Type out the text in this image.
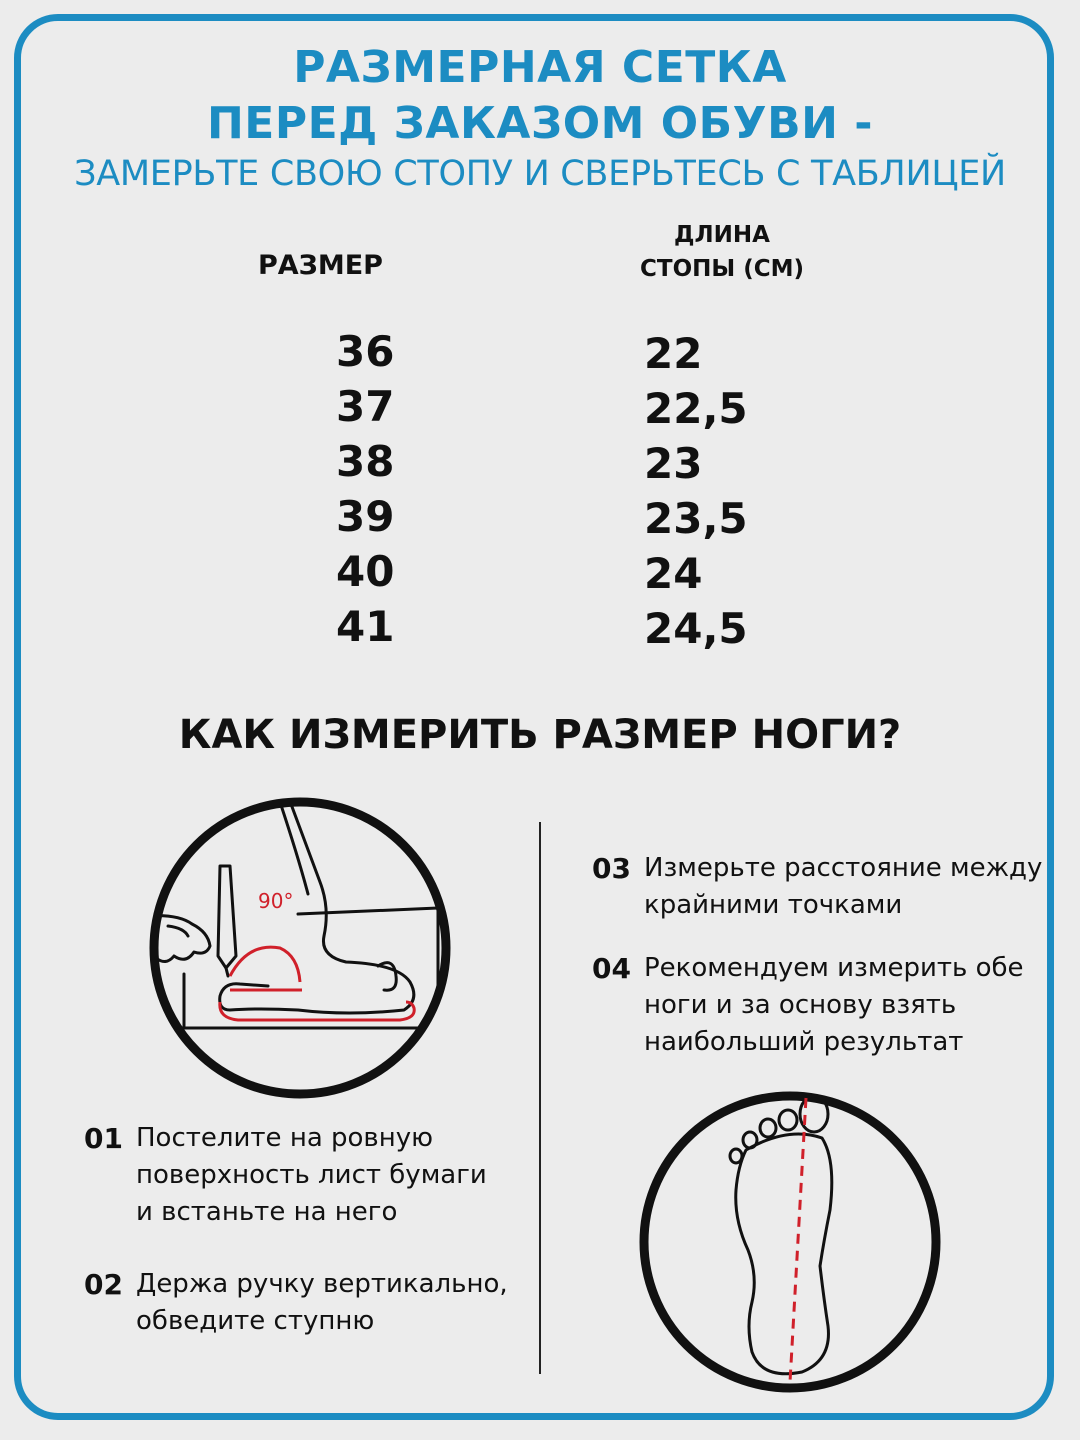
РАЗМЕРНАЯ СЕТКА
ПЕРЕД ЗАКАЗОМ ОБУВИ -
ЗАМЕРЬТЕ СВОЮ СТОПУ И СВЕРЬТЕСЬ С ТАБЛИЦЕЙ
РАЗМЕР
ДЛИНА
СТОПЫ (СМ)
36	22
37	22,5
38	23
39	23,5
40	24
41	24,5
КАК ИЗМЕРИТЬ РАЗМЕР НОГИ?
90°
01 Постелите на ровную
поверхность лист бумаги
и встаньте на него
02 Держа ручку вертикально,
обведите ступню
03 Измерьте расстояние между
крайними точками
04 Рекомендуем измерить обе
ноги и за основу взять
наибольший результат
